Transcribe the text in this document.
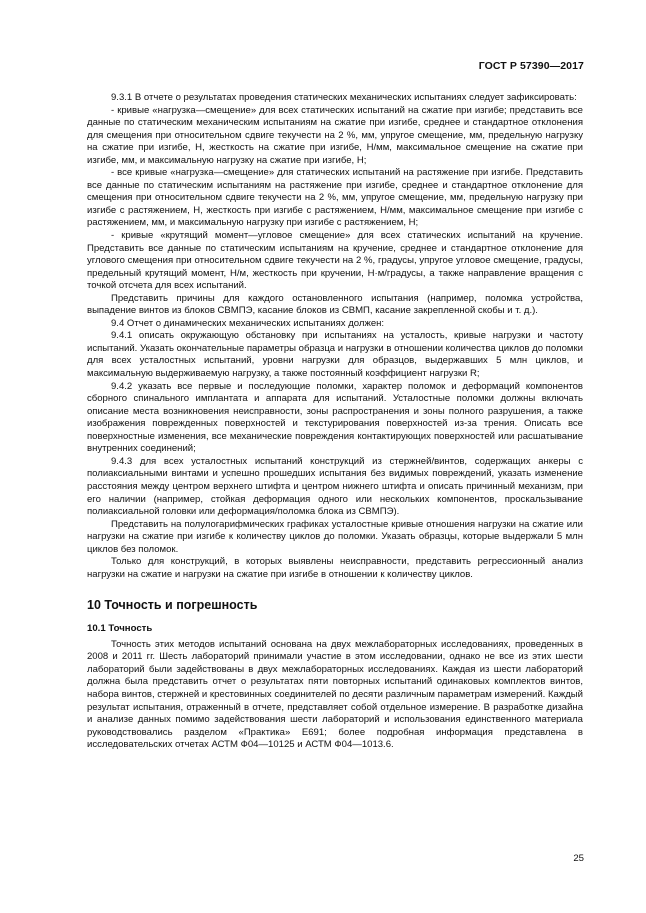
ГОСТ Р 57390—2017

9.3.1 В отчете о результатах проведения статических механических испытаниях следует зафиксировать:

- кривые «нагрузка—смещение» для всех статических испытаний на сжатие при изгибе; представить все данные по статическим механическим испытаниям на сжатие при изгибе, среднее и стандартное отклонения для смещения при относительном сдвиге текучести на 2 %, мм, упругое смещение, мм, предельную нагрузку на сжатие при изгибе, Н, жесткость на сжатие при изгибе, Н/мм, максимальное смещение на сжатие при изгибе, мм, и максимальную нагрузку на сжатие при изгибе, Н;

- все кривые «нагрузка—смещение» для статических испытаний на растяжение при изгибе. Представить все данные по статическим испытаниям на растяжение при изгибе, среднее и стандартное отклонение для смещения при относительном сдвиге текучести на 2 %, мм, упругое смещение, мм, предельную нагрузку при изгибе с растяжением, Н, жесткость при изгибе с растяжением, Н/мм, максимальное смещение при изгибе с растяжением, мм, и максимальную нагрузку при изгибе с растяжением, Н;

- кривые «крутящий момент—угловое смещение» для всех статических испытаний на кручение. Представить все данные по статическим испытаниям на кручение, среднее и стандартное отклонение для углового смещения при относительном сдвиге текучести на 2 %, градусы, упругое угловое смещение, градусы, предельный крутящий момент, Н/м, жесткость при кручении, Н·м/градусы, а также направление вращения с точкой отсчета для всех испытаний.

Представить причины для каждого остановленного испытания (например, поломка устройства, выпадение винтов из блоков СВМПЭ, касание блоков из СВМП, касание закрепленной скобы и т. д.).

9.4 Отчет о динамических механических испытаниях должен:

9.4.1 описать окружающую обстановку при испытаниях на усталость, кривые нагрузки и частоту испытаний. Указать окончательные параметры образца и нагрузки в отношении количества циклов до поломки для всех усталостных испытаний, уровни нагрузки для образцов, выдержавших 5 млн циклов, и максимальную выдерживаемую нагрузку, а также постоянный коэффициент нагрузки R;

9.4.2 указать все первые и последующие поломки, характер поломок и деформаций компонентов сборного спинального имплантата и аппарата для испытаний. Усталостные поломки должны включать описание места возникновения неисправности, зоны распространения и зоны полного разрушения, а также изображения поврежденных поверхностей и текстурирования поверхностей из-за трения. Описать все поверхностные изменения, все механические повреждения контактирующих поверхностей или расшатывание внутренних соединений;

9.4.3 для всех усталостных испытаний конструкций из стержней/винтов, содержащих анкеры с полиаксиальными винтами и успешно прошедших испытания без видимых повреждений, указать изменение расстояния между центром верхнего штифта и центром нижнего штифта и описать причинный механизм, при его наличии (например, стойкая деформация одного или нескольких компонентов, проскальзывание полиаксиальной головки или деформация/поломка блока из СВМПЭ).

Представить на полулогарифмических графиках усталостные кривые отношения нагрузки на сжатие или нагрузки на сжатие при изгибе к количеству циклов до поломки. Указать образцы, которые выдержали 5 млн циклов без поломок.

Только для конструкций, в которых выявлены неисправности, представить регрессионный анализ нагрузки на сжатие и нагрузки на сжатие при изгибе в отношении к количеству циклов.

10 Точность и погрешность
10.1 Точность

Точность этих методов испытаний основана на двух межлабораторных исследованиях, проведенных в 2008 и 2011 гг. Шесть лабораторий принимали участие в этом исследовании, однако не все из этих шести лабораторий были задействованы в двух межлабораторных исследованиях. Каждая из шести лабораторий должна была представить отчет о результатах пяти повторных испытаний одинаковых комплектов винтов, набора винтов, стержней и крестовинных соединителей по десяти различным параметрам измерений. Каждый результат испытания, отраженный в отчете, представляет собой отдельное измерение. В разработке дизайна и анализе данных помимо задействования шести лабораторий и использования единственного материала руководствовались разделом «Практика» E691; более подробная информация представлена в исследовательских отчетах АСТМ Ф04—10125 и АСТМ Ф04—1013.6.

25
